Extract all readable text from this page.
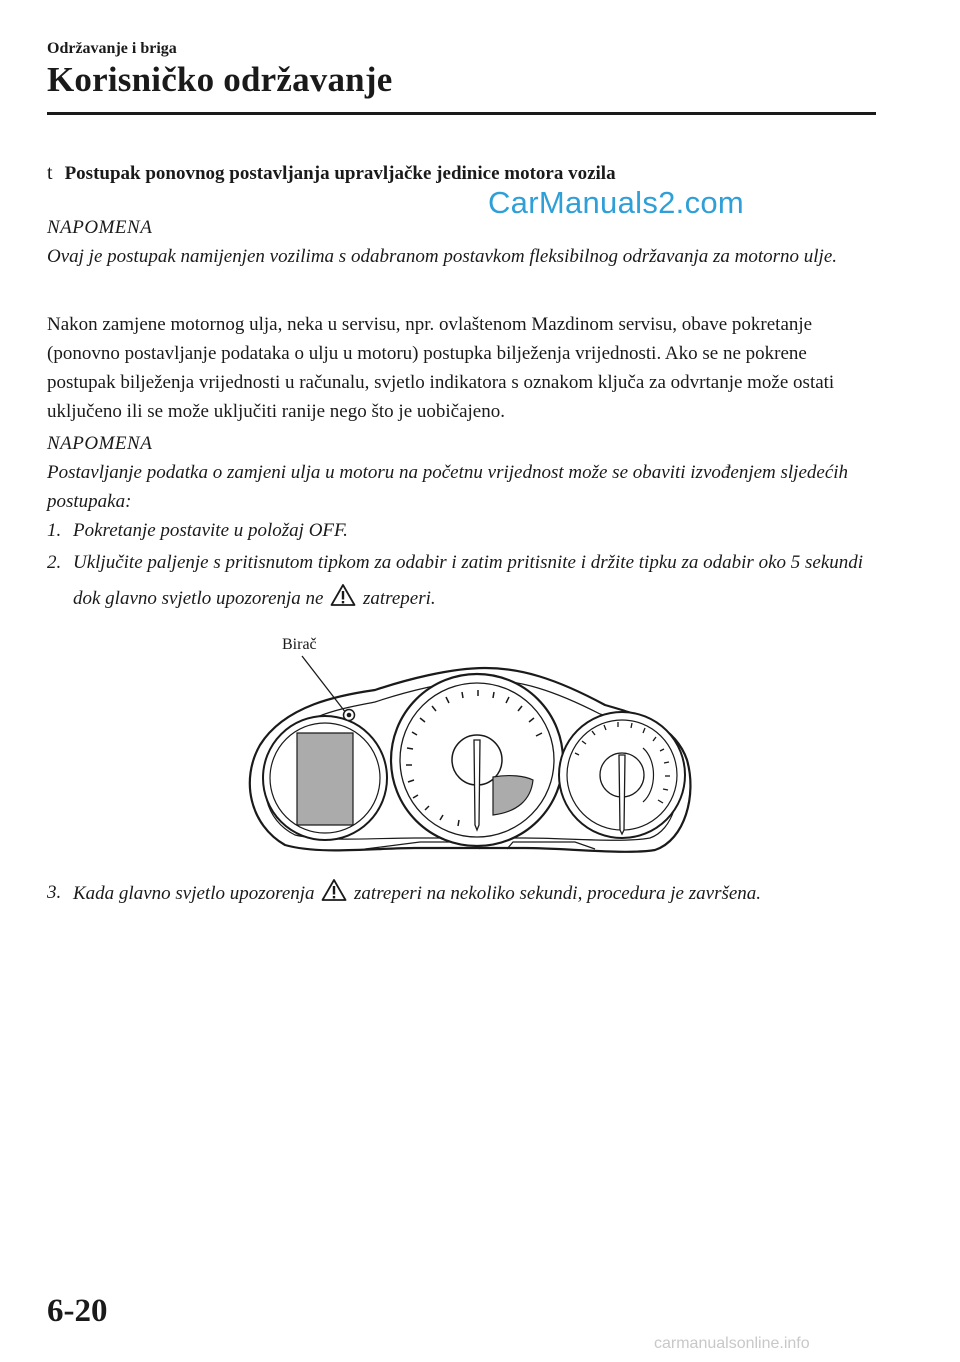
Održavanje i briga
Korisničko održavanje
t Postupak ponovnog postavljanja upravljačke jedinice motora vozila
CarManuals2.com
NAPOMENA
Ovaj je postupak namijenjen vozilima s odabranom postavkom fleksibilnog održavanja za motorno ulje.
Nakon zamjene motornog ulja, neka u servisu, npr. ovlaštenom Mazdinom servisu, obave pokretanje (ponovno postavljanje podataka o ulju u motoru) postupka bilježenja vrijednosti. Ako se ne pokrene postupak bilježenja vrijednosti u računalu, svjetlo indikatora s oznakom ključa za odvrtanje može ostati uključeno ili se može uključiti ranije nego što je uobičajeno.
NAPOMENA
Postavljanje podatka o zamjeni ulja u motoru na početnu vrijednost može se obaviti izvođenjem sljedećih postupaka:
1. Pokretanje postavite u položaj OFF.
2. Uključite paljenje s pritisnutom tipkom za odabir i zatim pritisnite i držite tipku za odabir oko 5 sekundi dok glavno svjetlo upozorenja ne zatreperi.
Birač
3. Kada glavno svjetlo upozorenja zatreperi na nekoliko sekundi, procedura je završena.
6-20
carmanualsonline.info
